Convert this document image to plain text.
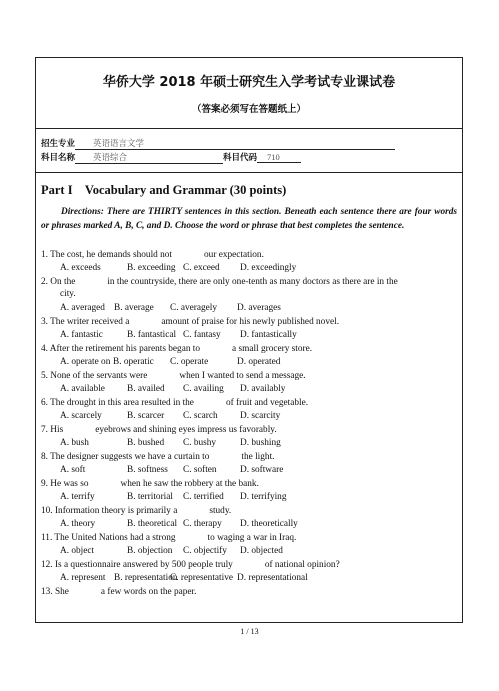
华侨大学 2018 年硕士研究生入学考试专业课试卷
（答案必须写在答题纸上）
招生专业 英语语言文学
科目名称 英语综合	科目代码 710
Part I    Vocabulary and Grammar (30 points)
Directions: There are THIRTY sentences in this section. Beneath each sentence there are four words or phrases marked A, B, C, and D. Choose the word or phrase that best completes the sentence.
1. The cost, he demands should not	our expectation.
A. exceeds	B. exceeding C. exceed D. exceedingly
2. On the	in the countryside, there are only one-tenth as many doctors as there are in the
city.
A. averaged B. average C. averagely D. averages
3. The writer received a	amount of praise for his newly published novel.
A. fantastic	B. fantastical C. fantasy D. fantastically
4. After the retirement his parents began to	a small grocery store.
A. operate on B. operatic C. operate	D. operated
5. None of the servants were	when I wanted to send a message.
A. available B. availed C. availing D. availably
6. The drought in this area resulted in the	of fruit and vegetable.
A. scarcely	B. scarcer C. scarch D. scarcity
7. His	eyebrows and shining eyes impress us favorably.
A. bush	B. bushed C. bushy	D. bushing
8. The designer suggests we have a curtain to	the light.
A. soft	B. softness C. soften	D. software
9. He was so	when he saw the robbery at the bank.
A. terrify	B. territorial C. terrified D. terrifying
10. Information theory is primarily a	study.
A. theory	B. theoretical C. therapy D. theoretically
11. The United Nations had a strong	to waging a war in Iraq.
A. object	B. objection C. objectify D. objected
12. Is a questionnaire answered by 500 people truly	of national opinion?
A. represent B. representation
C. representative D. representational
13. She	a few words on the paper.
1 / 13
